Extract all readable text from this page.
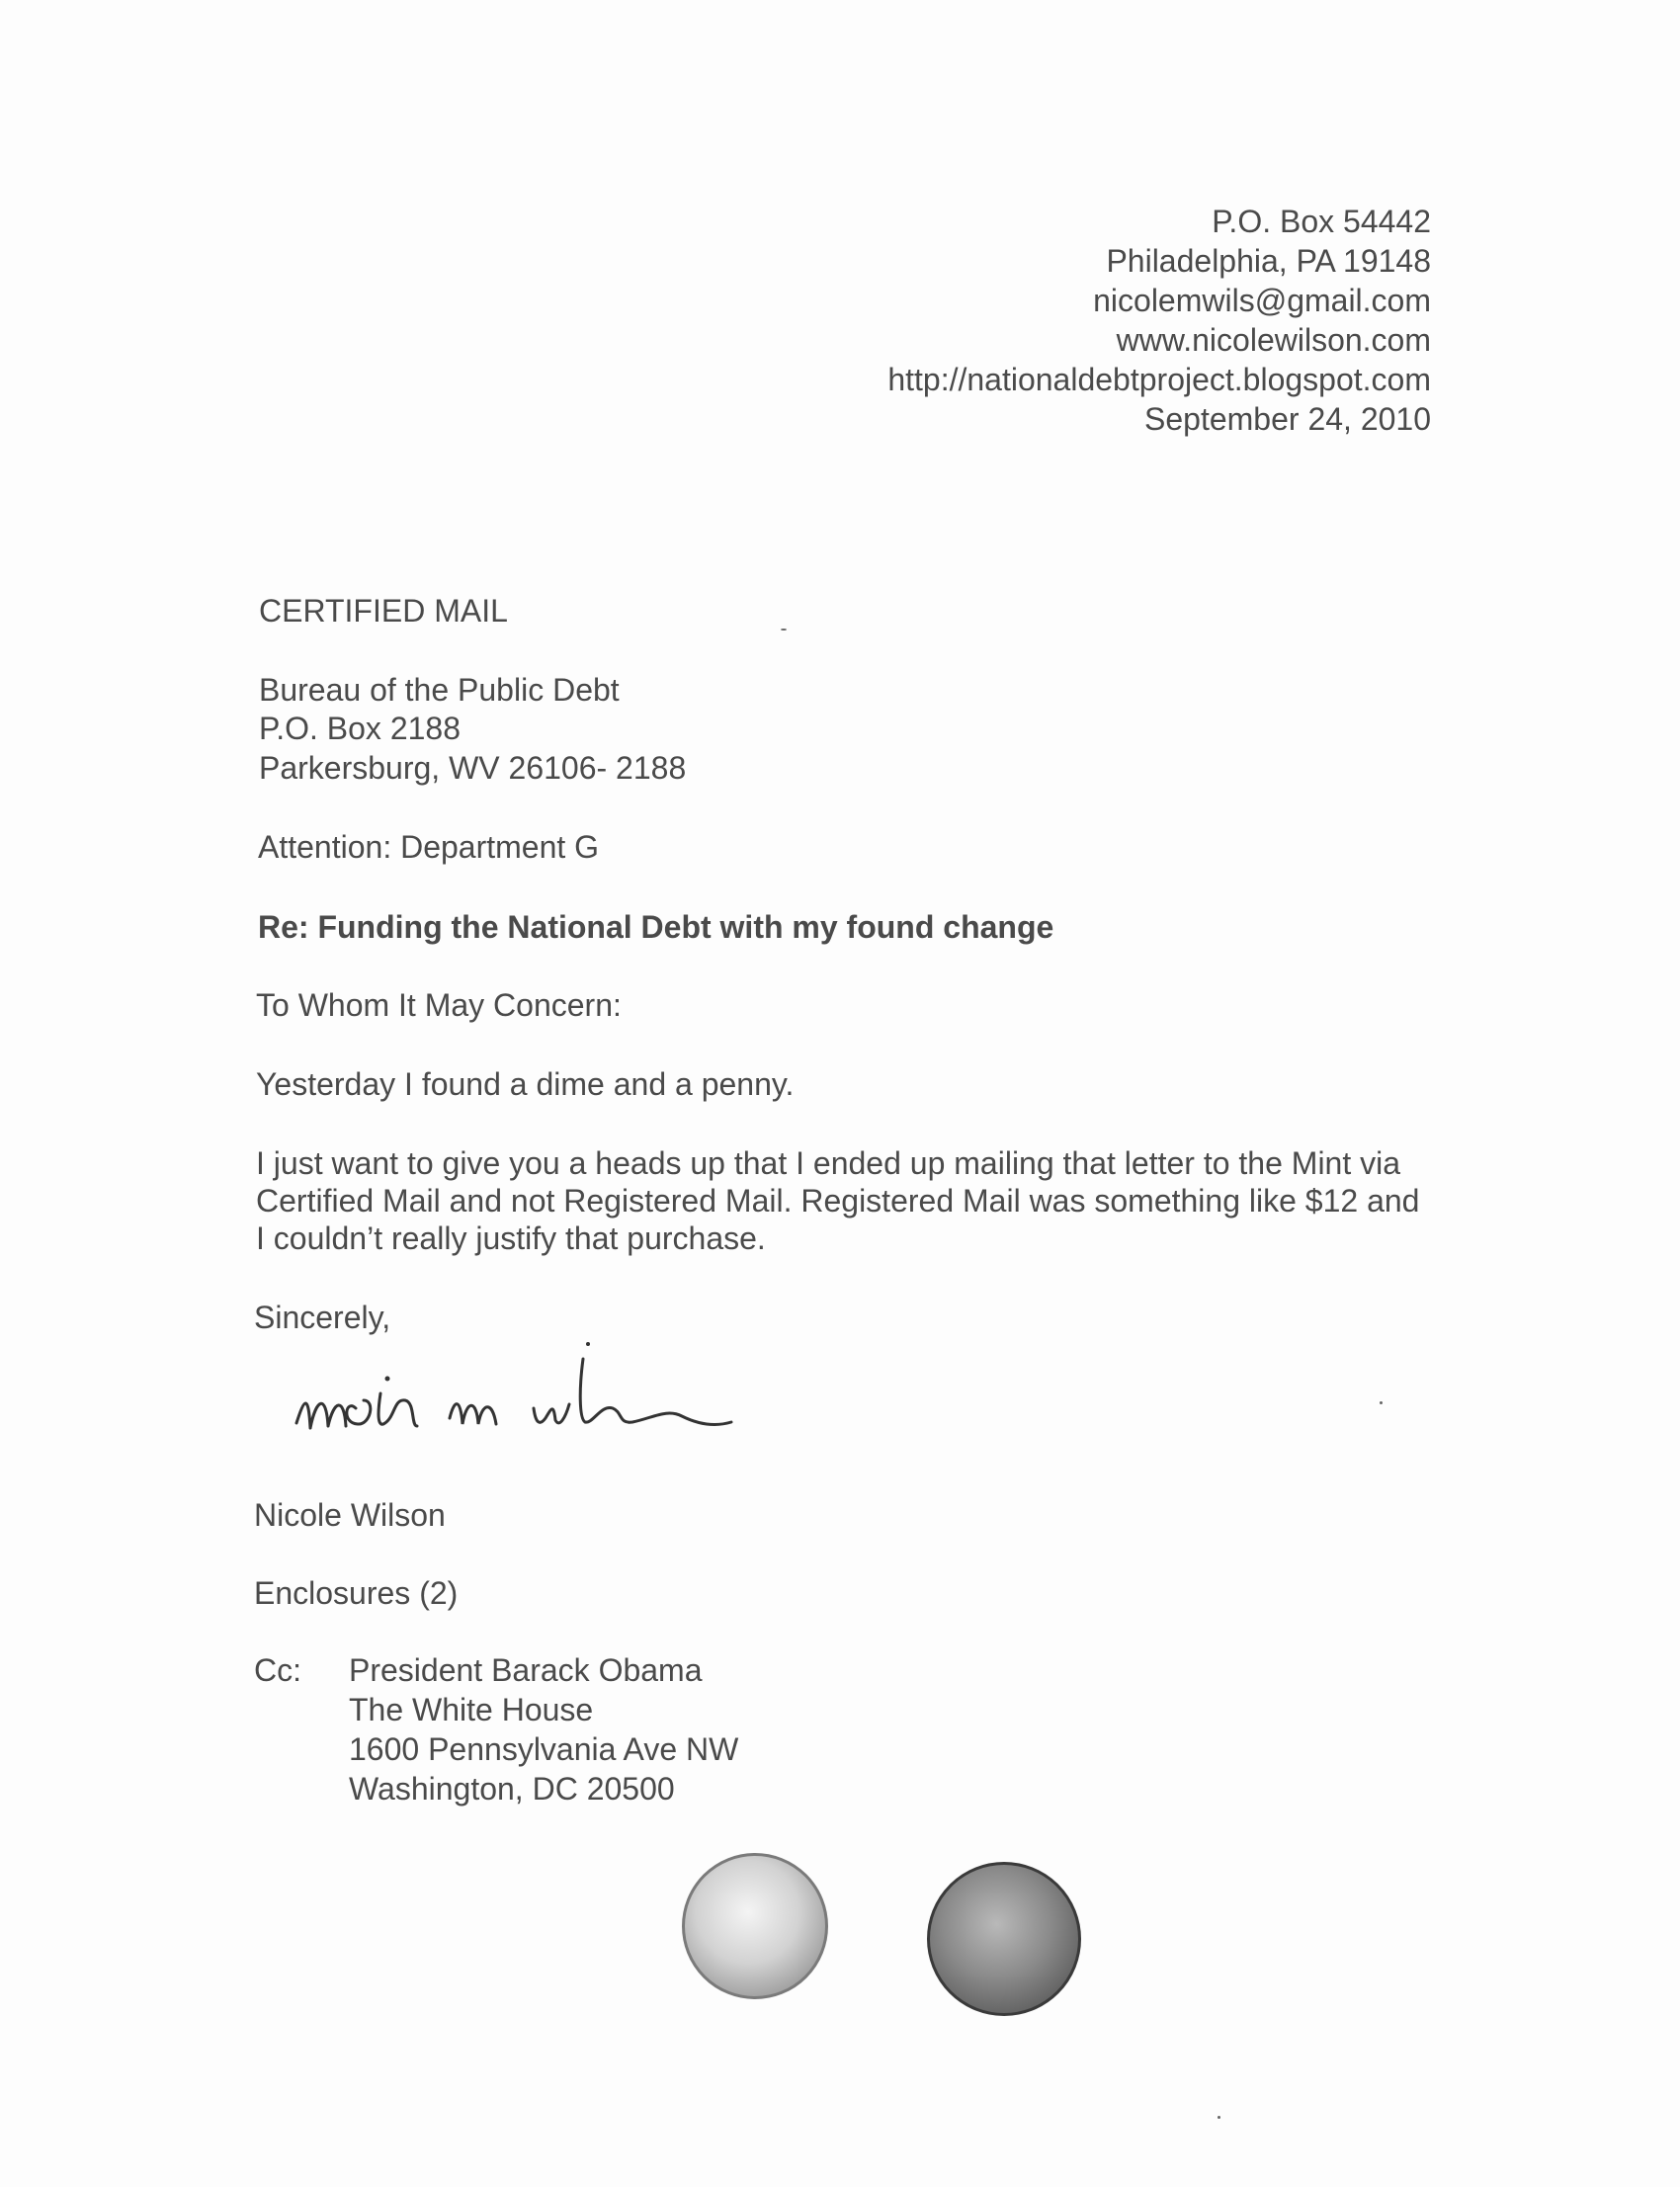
P.O. Box 54442
Philadelphia, PA 19148
nicolemwils@gmail.com
www.nicolewilson.com
http://nationaldebtproject.blogspot.com
September 24, 2010
CERTIFIED MAIL
Bureau of the Public Debt
P.O. Box 2188
Parkersburg, WV 26106- 2188
Attention: Department G
Re: Funding the National Debt with my found change
To Whom It May Concern:
Yesterday I found a dime and a penny.
I just want to give you a heads up that I ended up mailing that letter to the Mint via Certified Mail and not Registered Mail. Registered Mail was something like $12 and I couldn’t really justify that purchase.
Sincerely,
Nicole Wilson
Enclosures (2)
Cc: President Barack Obama
The White House
1600 Pennsylvania Ave NW
Washington, DC 20500
